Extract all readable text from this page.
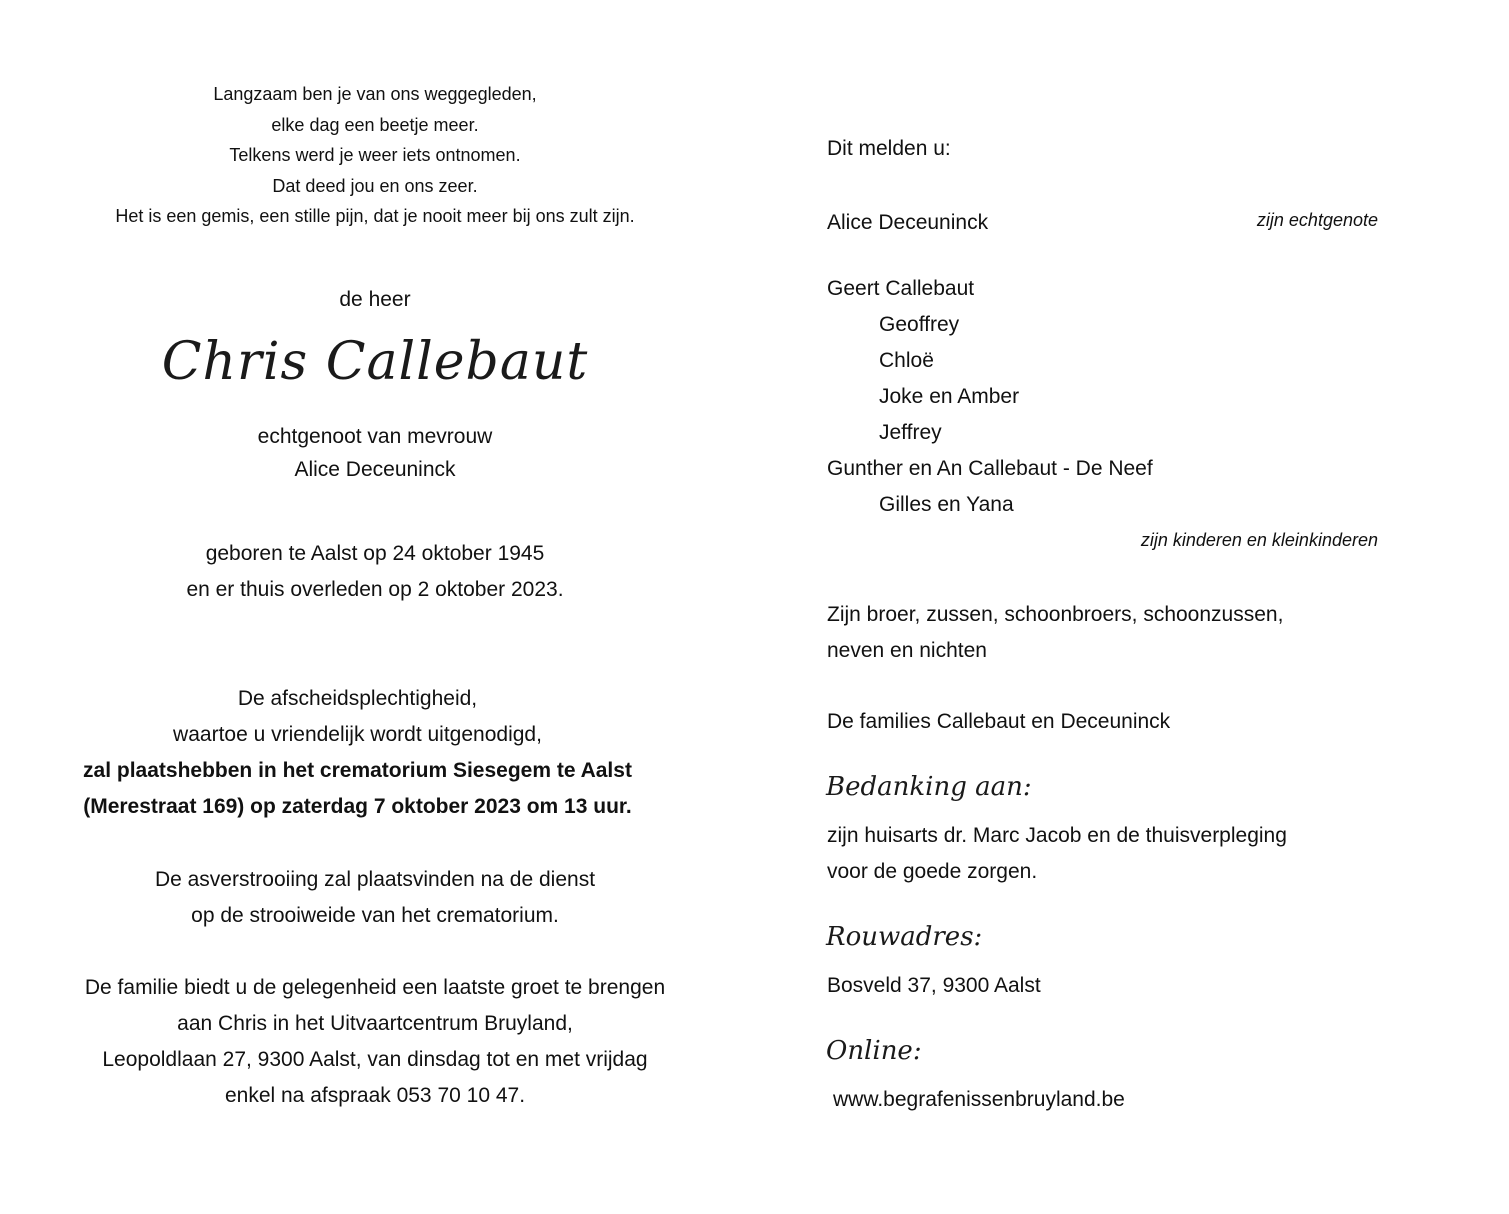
Langzaam ben je van ons weggegleden,
elke dag een beetje meer.
Telkens werd je weer iets ontnomen.
Dat deed jou en ons zeer.
Het is een gemis, een stille pijn, dat je nooit meer bij ons zult zijn.
de heer
Chris Callebaut
echtgenoot van mevrouw
Alice Deceuninck
geboren te Aalst op 24 oktober 1945
en er thuis overleden op 2 oktober 2023.
De afscheidsplechtigheid,
waartoe u vriendelijk wordt uitgenodigd,
zal plaatshebben in het crematorium Siesegem te Aalst
(Merestraat 169) op zaterdag 7 oktober 2023 om 13 uur.
De asverstrooiing zal plaatsvinden na de dienst
op de strooiweide van het crematorium.
De familie biedt u de gelegenheid een laatste groet te brengen
aan Chris in het Uitvaartcentrum Bruyland,
Leopoldlaan 27, 9300 Aalst, van dinsdag tot en met vrijdag
enkel na afspraak 053 70 10 47.
Dit melden u:
Alice Deceuninck	zijn echtgenote
Geert Callebaut
Geoffrey
Chloë
Joke en Amber
Jeffrey
Gunther en An Callebaut - De Neef
Gilles en Yana
zijn kinderen en kleinkinderen
Zijn broer, zussen, schoonbroers, schoonzussen,
neven en nichten
De families Callebaut en Deceuninck
Bedanking aan:
zijn huisarts dr. Marc Jacob en de thuisverpleging
voor de goede zorgen.
Rouwadres:
Bosveld 37, 9300 Aalst
Online:
www.begrafenissenbruyland.be
